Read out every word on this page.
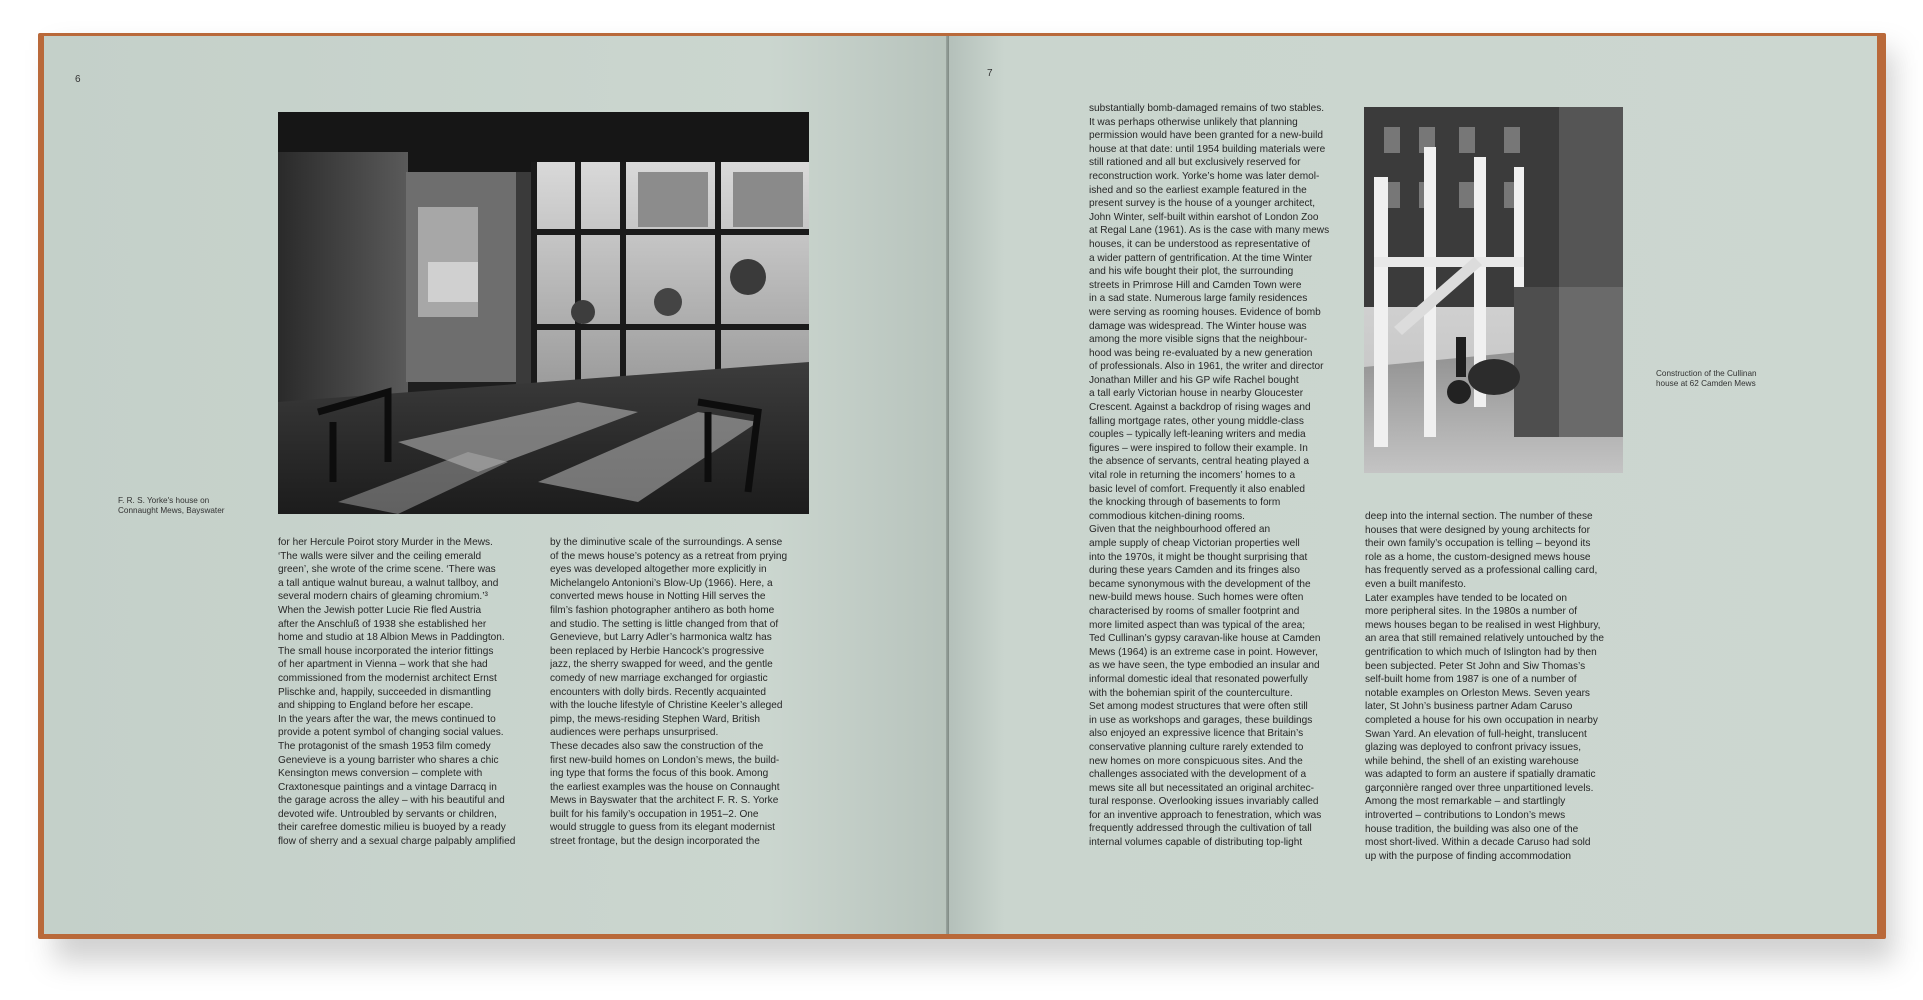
6
F. R. S. Yorke's house on
Connaught Mews, Bayswater
for her Hercule Poirot story Murder in the Mews.
‘The walls were silver and the ceiling emerald
green’, she wrote of the crime scene. ‘There was
a tall antique walnut bureau, a walnut tallboy, and
several modern chairs of gleaming chromium.’³
When the Jewish potter Lucie Rie fled Austria
after the Anschluß of 1938 she established her
home and studio at 18 Albion Mews in Paddington.
The small house incorporated the interior fittings
of her apartment in Vienna – work that she had
commissioned from the modernist architect Ernst
Plischke and, happily, succeeded in dismantling
and shipping to England before her escape.
In the years after the war, the mews continued to
provide a potent symbol of changing social values.
The protagonist of the smash 1953 film comedy
Genevieve is a young barrister who shares a chic
Kensington mews conversion – complete with
Craxtonesque paintings and a vintage Darracq in
the garage across the alley – with his beautiful and
devoted wife. Untroubled by servants or children,
their carefree domestic milieu is buoyed by a ready
flow of sherry and a sexual charge palpably amplified
by the diminutive scale of the surroundings. A sense
of the mews house’s potency as a retreat from prying
eyes was developed altogether more explicitly in
Michelangelo Antonioni’s Blow-Up (1966). Here, a
converted mews house in Notting Hill serves the
film’s fashion photographer antihero as both home
and studio. The setting is little changed from that of
Genevieve, but Larry Adler’s harmonica waltz has
been replaced by Herbie Hancock’s progressive
jazz, the sherry swapped for weed, and the gentle
comedy of new marriage exchanged for orgiastic
encounters with dolly birds. Recently acquainted
with the louche lifestyle of Christine Keeler’s alleged
pimp, the mews-residing Stephen Ward, British
audiences were perhaps unsurprised.
These decades also saw the construction of the
first new-build homes on London’s mews, the build-
ing type that forms the focus of this book. Among
the earliest examples was the house on Connaught
Mews in Bayswater that the architect F. R. S. Yorke
built for his family’s occupation in 1951–2. One
would struggle to guess from its elegant modernist
street frontage, but the design incorporated the
7
substantially bomb-damaged remains of two stables.
It was perhaps otherwise unlikely that planning
permission would have been granted for a new-build
house at that date: until 1954 building materials were
still rationed and all but exclusively reserved for
reconstruction work. Yorke’s home was later demol-
ished and so the earliest example featured in the
present survey is the house of a younger architect,
John Winter, self-built within earshot of London Zoo
at Regal Lane (1961). As is the case with many mews
houses, it can be understood as representative of
a wider pattern of gentrification. At the time Winter
and his wife bought their plot, the surrounding
streets in Primrose Hill and Camden Town were
in a sad state. Numerous large family residences
were serving as rooming houses. Evidence of bomb
damage was widespread. The Winter house was
among the more visible signs that the neighbour-
hood was being re-evaluated by a new generation
of professionals. Also in 1961, the writer and director
Jonathan Miller and his GP wife Rachel bought
a tall early Victorian house in nearby Gloucester
Crescent. Against a backdrop of rising wages and
falling mortgage rates, other young middle-class
couples – typically left-leaning writers and media
figures – were inspired to follow their example. In
the absence of servants, central heating played a
vital role in returning the incomers’ homes to a
basic level of comfort. Frequently it also enabled
the knocking through of basements to form
commodious kitchen-dining rooms.
Given that the neighbourhood offered an
ample supply of cheap Victorian properties well
into the 1970s, it might be thought surprising that
during these years Camden and its fringes also
became synonymous with the development of the
new-build mews house. Such homes were often
characterised by rooms of smaller footprint and
more limited aspect than was typical of the area;
Ted Cullinan’s gypsy caravan-like house at Camden
Mews (1964) is an extreme case in point. However,
as we have seen, the type embodied an insular and
informal domestic ideal that resonated powerfully
with the bohemian spirit of the counterculture.
Set among modest structures that were often still
in use as workshops and garages, these buildings
also enjoyed an expressive licence that Britain’s
conservative planning culture rarely extended to
new homes on more conspicuous sites. And the
challenges associated with the development of a
mews site all but necessitated an original architec-
tural response. Overlooking issues invariably called
for an inventive approach to fenestration, which was
frequently addressed through the cultivation of tall
internal volumes capable of distributing top-light
Construction of the Cullinan
house at 62 Camden Mews
deep into the internal section. The number of these
houses that were designed by young architects for
their own family’s occupation is telling – beyond its
role as a home, the custom-designed mews house
has frequently served as a professional calling card,
even a built manifesto.
Later examples have tended to be located on
more peripheral sites. In the 1980s a number of
mews houses began to be realised in west Highbury,
an area that still remained relatively untouched by the
gentrification to which much of Islington had by then
been subjected. Peter St John and Siw Thomas’s
self-built home from 1987 is one of a number of
notable examples on Orleston Mews. Seven years
later, St John’s business partner Adam Caruso
completed a house for his own occupation in nearby
Swan Yard. An elevation of full-height, translucent
glazing was deployed to confront privacy issues,
while behind, the shell of an existing warehouse
was adapted to form an austere if spatially dramatic
garçonnière ranged over three unpartitioned levels.
Among the most remarkable – and startlingly
introverted – contributions to London’s mews
house tradition, the building was also one of the
most short-lived. Within a decade Caruso had sold
up with the purpose of finding accommodation
